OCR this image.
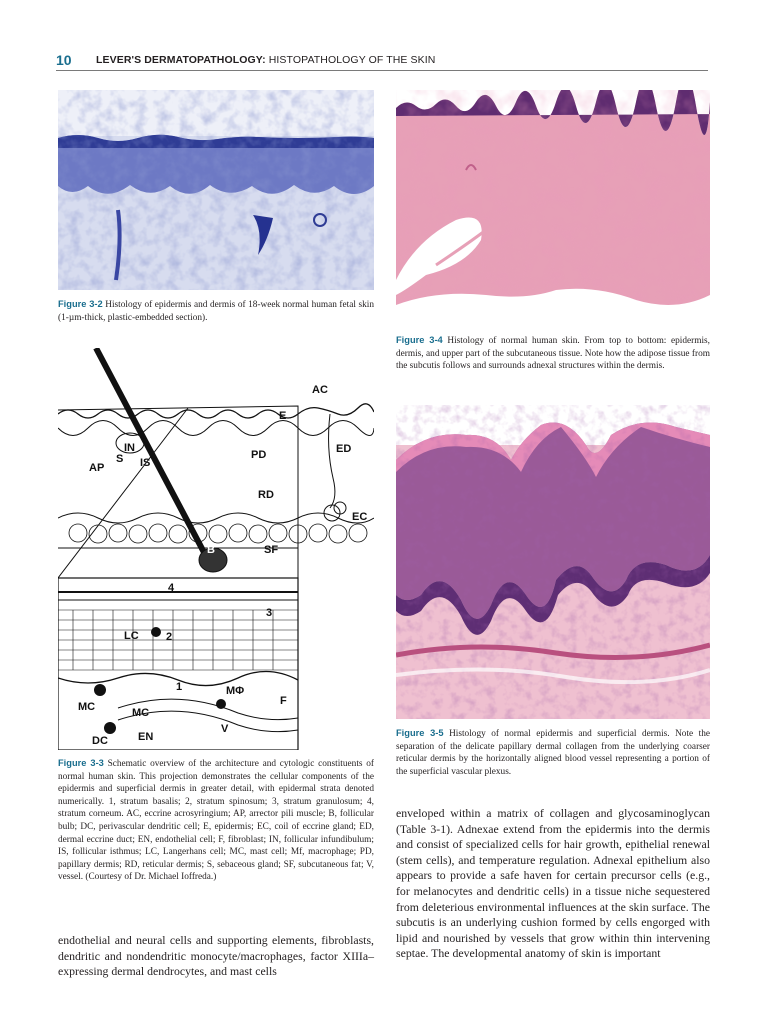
10 LEVER'S DERMATOPATHOLOGY: HISTOPATHOLOGY OF THE SKIN
Figure 3-2 Histology of epidermis and dermis of 18-week normal human fetal skin (1-µm-thick, plastic-embedded section).
Figure 3-4 Histology of normal human skin. From top to bottom: epidermis, dermis, and upper part of the subcutaneous tissue. Note how the adipose tissue from the subcutis follows and surrounds adnexal structures within the dermis.
AC
E
IN
S IS
AP
PD	ED
RD
EC
SF
B
4
LC 2
3
1
MC	MC
MΦ
DC	EN
V
F
Figure 3-3 Schematic overview of the architecture and cytologic constituents of normal human skin. This projection demonstrates the cellular components of the epidermis and superficial dermis in greater detail, with epidermal strata denoted numerically. 1, stratum basalis; 2, stratum spinosum; 3, stratum granulosum; 4, stratum corneum. AC, eccrine acrosyringium; AP, arrector pili muscle; B, follicular bulb; DC, perivascular dendritic cell; E, epidermis; EC, coil of eccrine gland; ED, dermal eccrine duct; EN, endothelial cell; F, fibroblast; IN, follicular infundibulum; IS, follicular isthmus; LC, Langerhans cell; MC, mast cell; Mf, macrophage; PD, papillary dermis; RD, reticular dermis; S, sebaceous gland; SF, subcutaneous fat; V, vessel. (Courtesy of Dr. Michael Ioffreda.)
Figure 3-5 Histology of normal epidermis and superficial dermis. Note the separation of the delicate papillary dermal collagen from the underlying coarser reticular dermis by the horizontally aligned blood vessel representing a portion of the superficial vascular plexus.
endothelial and neural cells and supporting elements, fibroblasts, dendritic and nondendritic monocyte/macrophages, factor XIIIa–expressing dermal dendrocytes, and mast cells
enveloped within a matrix of collagen and glycosaminoglycan (Table 3-1). Adnexae extend from the epidermis into the dermis and consist of specialized cells for hair growth, epithelial renewal (stem cells), and temperature regulation. Adnexal epithelium also appears to provide a safe haven for certain precursor cells (e.g., for melanocytes and dendritic cells) in a tissue niche sequestered from deleterious environmental influences at the skin surface. The subcutis is an underlying cushion formed by cells engorged with lipid and nourished by vessels that grow within thin intervening septae. The developmental anatomy of skin is important
